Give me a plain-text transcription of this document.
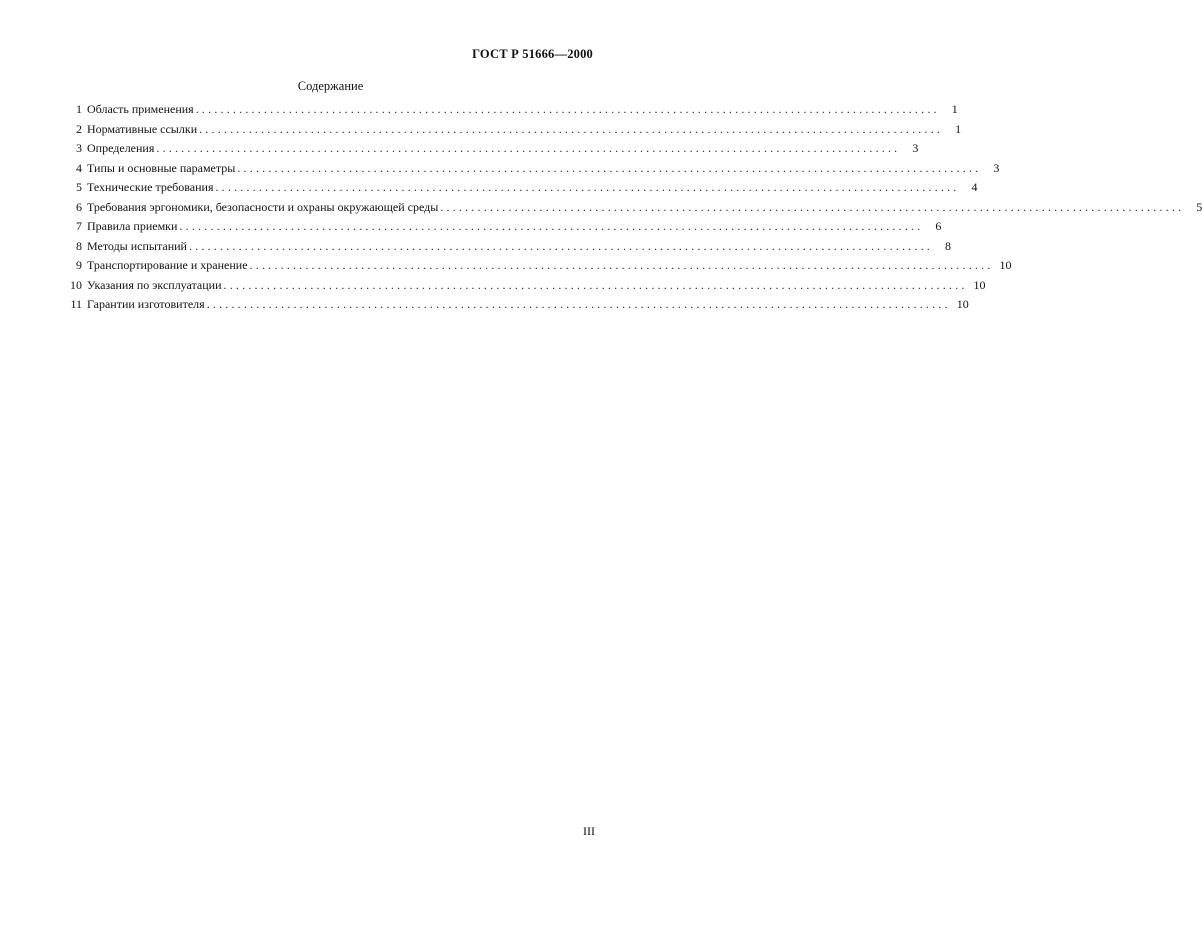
ГОСТ Р 51666—2000
Содержание
1 Область применения ........................................................................................................................	1
2 Нормативные ссылки ........................................................................................................................	1
3 Определения ........................................................................................................................	3
4 Типы и основные параметры ........................................................................................................................	3
5 Технические требования ........................................................................................................................	4
6 Требования эргономики, безопасности и охраны окружающей среды ........................................................................................................................	5
7 Правила приемки ........................................................................................................................	6
8 Методы испытаний ........................................................................................................................	8
9 Транспортирование и хранение ........................................................................................................................ 10
10 Указания по эксплуатации ........................................................................................................................ 10
11 Гарантии изготовителя ........................................................................................................................ 10
III
